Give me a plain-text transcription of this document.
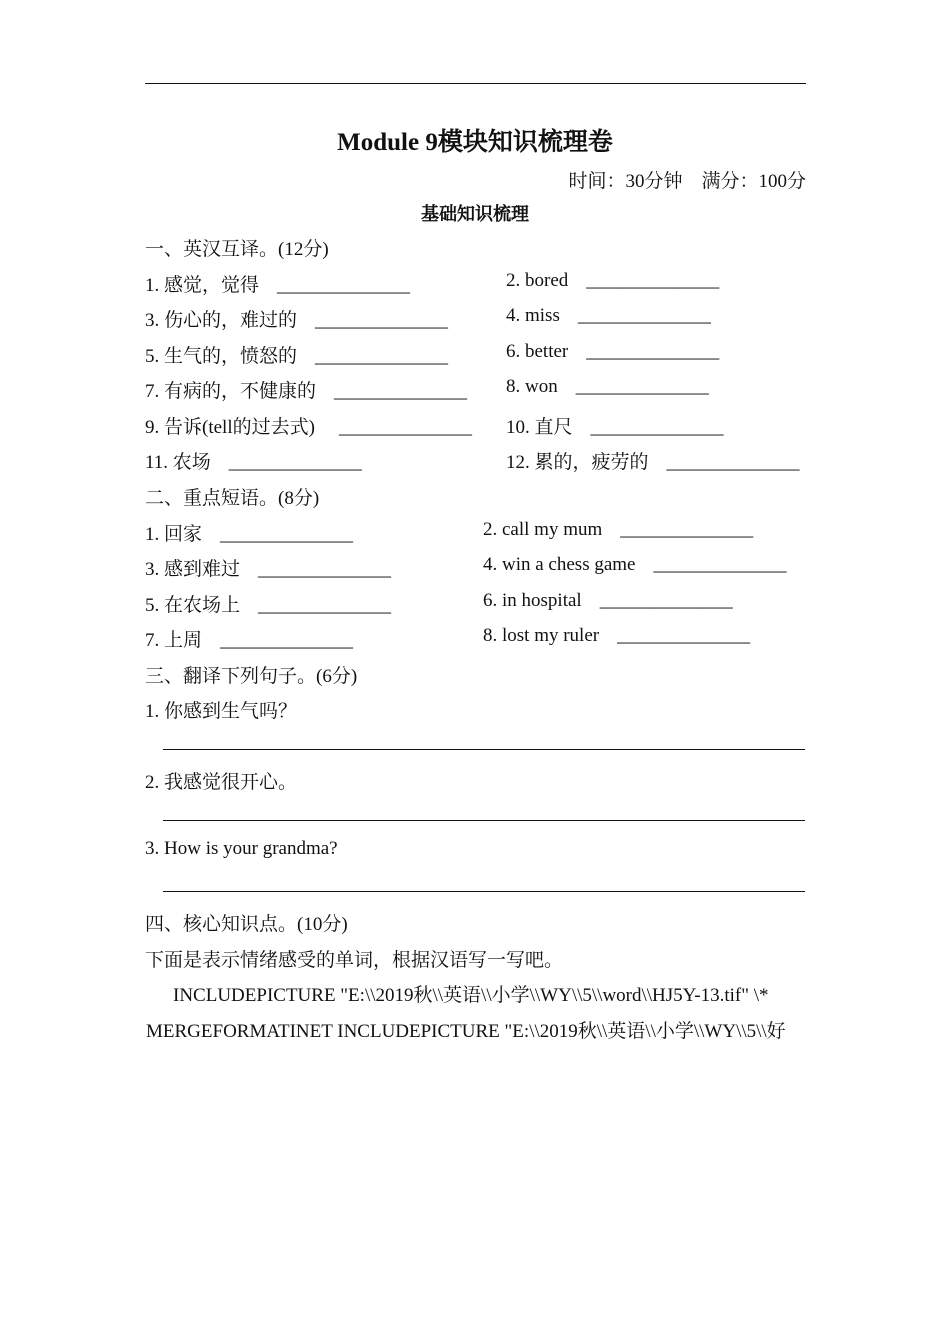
Module 9模块知识梳理卷
时间：30分钟　满分：100分
基础知识梳理
一、英汉互译。(12分)
1. 感觉，觉得 ______________	2. bored ______________
3. 伤心的，难过的 ______________	4. miss ______________
5. 生气的，愤怒的 ______________	6. better ______________
7. 有病的，不健康的 ______________ 8. won ______________
9. 告诉(tell的过去式) ______________ 10. 直尺 ______________
11. 农场 ______________	12. 累的，疲劳的 ______________
二、重点短语。(8分)
1. 回家 ______________	2. call my mum ______________
3. 感到难过 ______________	4. win a chess game ______________
5. 在农场上 ______________	6. in hospital ______________
7. 上周 ______________	8. lost my ruler ______________
三、翻译下列句子。(6分)
1. 你感到生气吗？
2. 我感觉很开心。
3. How is your grandma?
四、核心知识点。(10分)
下面是表示情绪感受的单词，根据汉语写一写吧。
INCLUDEPICTURE "E:\\2019秋\\英语\\小学\\WY\\5\\word\\HJ5Y-13.tif" \*
MERGEFORMATINET INCLUDEPICTURE "E:\\2019秋\\英语\\小学\\WY\\5\\好
